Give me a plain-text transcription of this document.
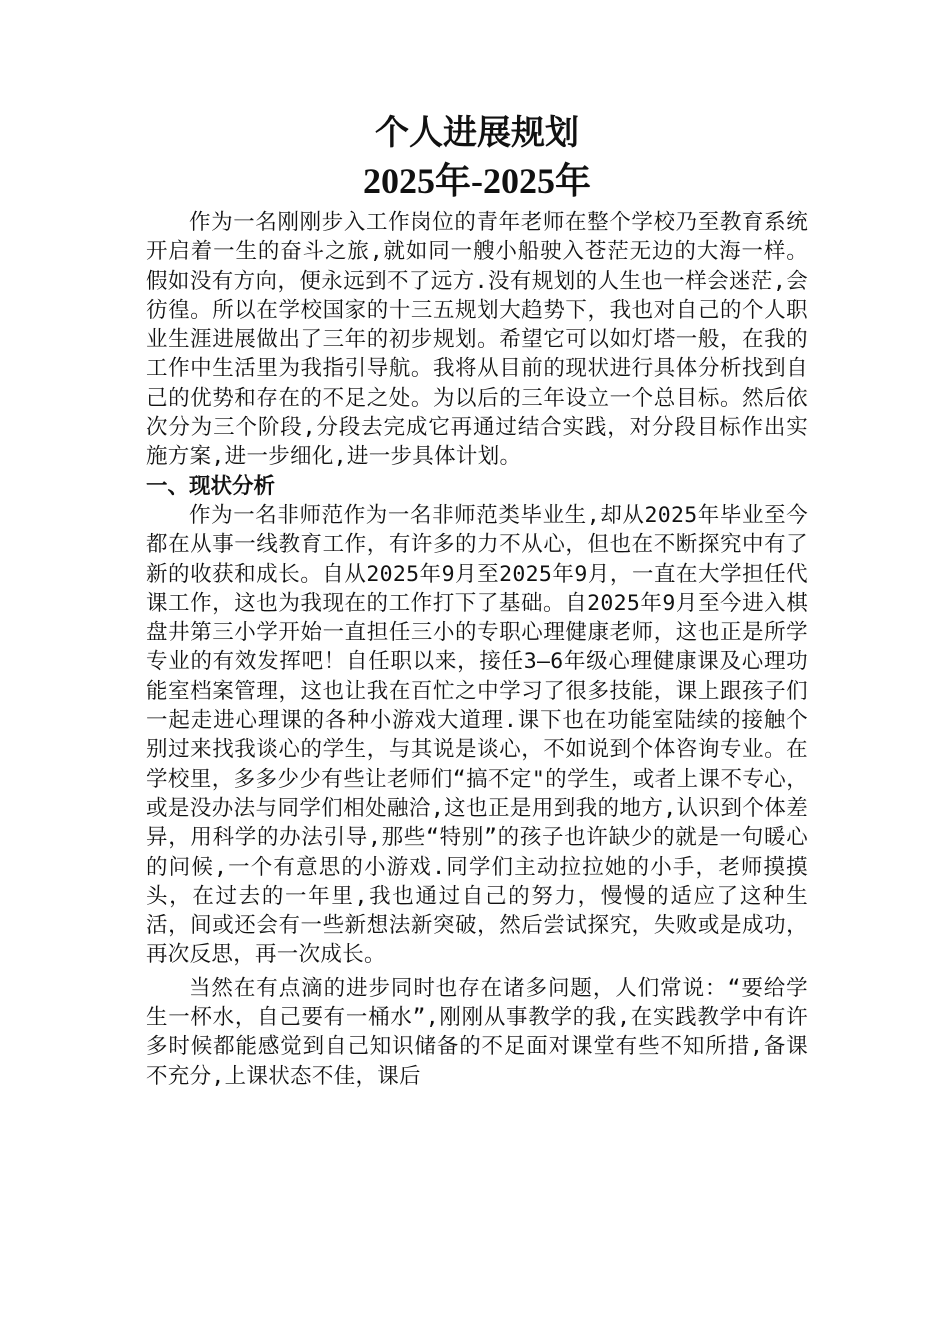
个人进展规划
2025年-2025年

作为一名刚刚步入工作岗位的青年老师在整个学校乃至教育系统开启着一生的奋斗之旅,就如同一艘小船驶入苍茫无边的大海一样。假如没有方向，便永远到不了远方.没有规划的人生也一样会迷茫,会彷徨。所以在学校国家的十三五规划大趋势下，我也对自己的个人职业生涯进展做出了三年的初步规划。希望它可以如灯塔一般，在我的工作中生活里为我指引导航。我将从目前的现状进行具体分析找到自己的优势和存在的不足之处。为以后的三年设立一个总目标。然后依次分为三个阶段,分段去完成它再通过结合实践，对分段目标作出实施方案,进一步细化,进一步具体计划。

一、现状分析

作为一名非师范作为一名非师范类毕业生,却从2025年毕业至今都在从事一线教育工作，有许多的力不从心，但也在不断探究中有了新的收获和成长。自从2025年9月至2025年9月，一直在大学担任代课工作，这也为我现在的工作打下了基础。自2025年9月至今进入棋盘井第三小学开始一直担任三小的专职心理健康老师，这也正是所学专业的有效发挥吧！自任职以来，接任3—6年级心理健康课及心理功能室档案管理，这也让我在百忙之中学习了很多技能，课上跟孩子们一起走进心理课的各种小游戏大道理.课下也在功能室陆续的接触个别过来找我谈心的学生，与其说是谈心，不如说到个体咨询专业。在学校里，多多少少有些让老师们“搞不定"的学生，或者上课不专心，或是没办法与同学们相处融洽,这也正是用到我的地方,认识到个体差异，用科学的办法引导,那些“特别”的孩子也许缺少的就是一句暖心的问候,一个有意思的小游戏.同学们主动拉拉她的小手，老师摸摸头，在过去的一年里,我也通过自己的努力，慢慢的适应了这种生活，间或还会有一些新想法新突破，然后尝试探究，失败或是成功，再次反思，再一次成长。

当然在有点滴的进步同时也存在诸多问题，人们常说：“要给学生一杯水，自己要有一桶水”,刚刚从事教学的我,在实践教学中有许多时候都能感觉到自己知识储备的不足面对课堂有些不知所措,备课不充分,上课状态不佳，课后
